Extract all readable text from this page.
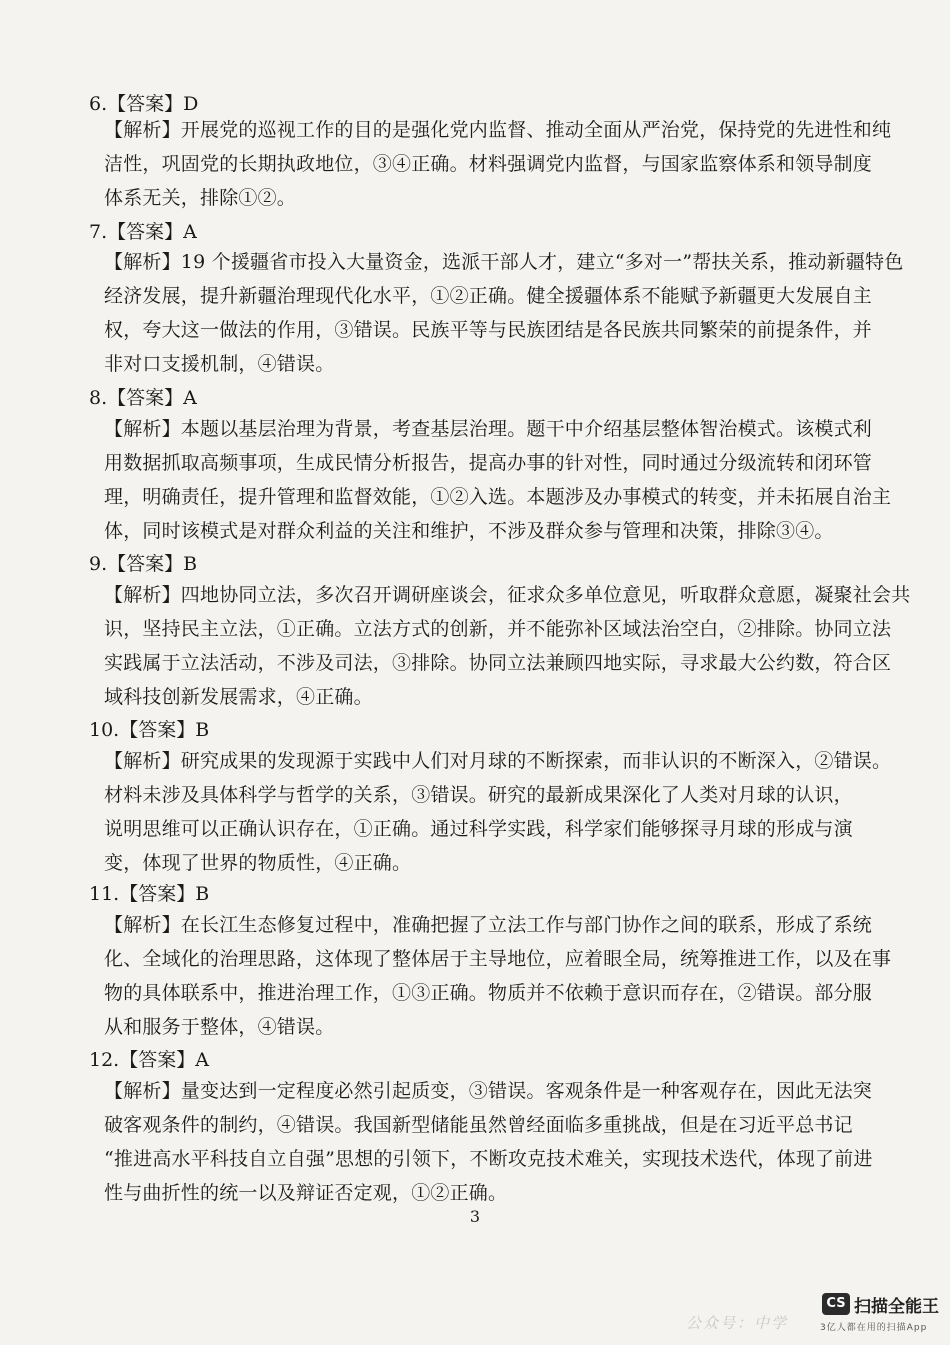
6.【答案】D
【解析】开展党的巡视工作的目的是强化党内监督、推动全面从严治党，保持党的先进性和纯
洁性，巩固党的长期执政地位，③④正确。材料强调党内监督，与国家监察体系和领导制度
体系无关，排除①②。
7.【答案】A
【解析】19 个援疆省市投入大量资金，选派干部人才，建立“多对一”帮扶关系，推动新疆特色
经济发展，提升新疆治理现代化水平，①②正确。健全援疆体系不能赋予新疆更大发展自主
权，夸大这一做法的作用，③错误。民族平等与民族团结是各民族共同繁荣的前提条件，并
非对口支援机制，④错误。
8.【答案】A
【解析】本题以基层治理为背景，考查基层治理。题干中介绍基层整体智治模式。该模式利
用数据抓取高频事项，生成民情分析报告，提高办事的针对性，同时通过分级流转和闭环管
理，明确责任，提升管理和监督效能，①②入选。本题涉及办事模式的转变，并未拓展自治主
体，同时该模式是对群众利益的关注和维护，不涉及群众参与管理和决策，排除③④。
9.【答案】B
【解析】四地协同立法，多次召开调研座谈会，征求众多单位意见，听取群众意愿，凝聚社会共
识，坚持民主立法，①正确。立法方式的创新，并不能弥补区域法治空白，②排除。协同立法
实践属于立法活动，不涉及司法，③排除。协同立法兼顾四地实际，寻求最大公约数，符合区
域科技创新发展需求，④正确。
10.【答案】B
【解析】研究成果的发现源于实践中人们对月球的不断探索，而非认识的不断深入，②错误。
材料未涉及具体科学与哲学的关系，③错误。研究的最新成果深化了人类对月球的认识，
说明思维可以正确认识存在，①正确。通过科学实践，科学家们能够探寻月球的形成与演
变，体现了世界的物质性，④正确。
11.【答案】B
【解析】在长江生态修复过程中，准确把握了立法工作与部门协作之间的联系，形成了系统
化、全域化的治理思路，这体现了整体居于主导地位，应着眼全局，统筹推进工作，以及在事
物的具体联系中，推进治理工作，①③正确。物质并不依赖于意识而存在，②错误。部分服
从和服务于整体，④错误。
12.【答案】A
【解析】量变达到一定程度必然引起质变，③错误。客观条件是一种客观存在，因此无法突
破客观条件的制约，④错误。我国新型储能虽然曾经面临多重挑战，但是在习近平总书记
“推进高水平科技自立自强”思想的引领下，不断攻克技术难关，实现技术迭代，体现了前进
性与曲折性的统一以及辩证否定观，①②正确。
3
公众号：中学
CS 扫描全能王
3亿人都在用的扫描App
